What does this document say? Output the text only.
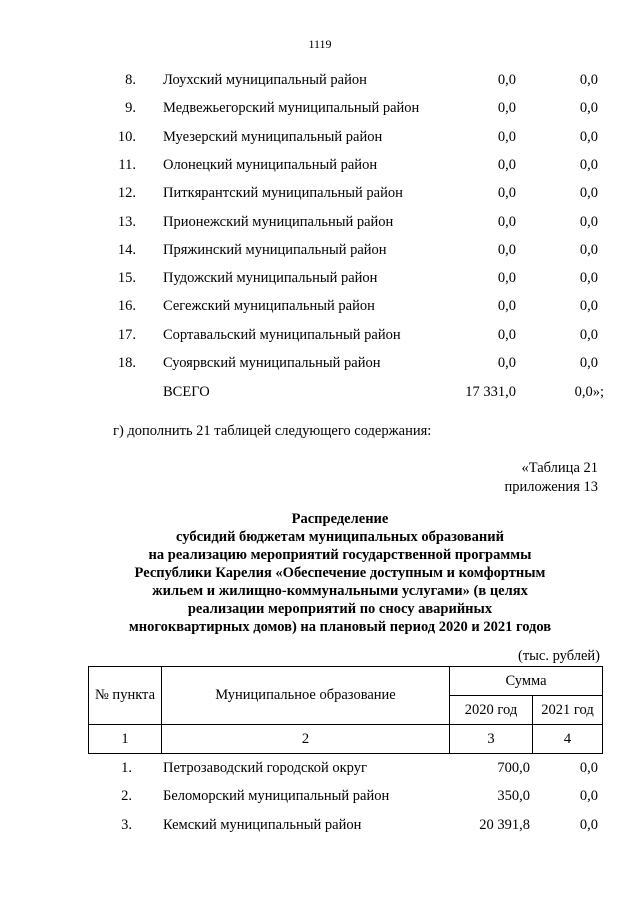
1119
8. Лоухский муниципальный район	0,0	0,0
9. Медвежьегорский муниципальный район	0,0	0,0
10. Муезерский муниципальный район	0,0	0,0
11. Олонецкий муниципальный район	0,0	0,0
12. Питкярантский муниципальный район	0,0	0,0
13. Прионежский муниципальный район	0,0	0,0
14. Пряжинский муниципальный район	0,0	0,0
15. Пудожский муниципальный район	0,0	0,0
16. Сегежский муниципальный район	0,0	0,0
17. Сортавальский муниципальный район	0,0	0,0
18. Суоярвский муниципальный район	0,0	0,0
ВСЕГО	17 331,0	0,0»;
г) дополнить 21 таблицей следующего содержания:
«Таблица 21
приложения 13
Распределение
субсидий бюджетам муниципальных образований
на реализацию мероприятий государственной программы
Республики Карелия «Обеспечение доступным и комфортным
жильем и жилищно-коммунальными услугами» (в целях
реализации мероприятий по сносу аварийных
многоквартирных домов) на плановый период 2020 и 2021 годов
(тыс. рублей)
№ пункта	Муниципальное образование	Сумма	
		2020 год	2021 год
1	2	3	4
1. Петрозаводский городской округ	700,0	0,0
2. Беломорский муниципальный район	350,0	0,0
3. Кемский муниципальный район	20 391,8	0,0
